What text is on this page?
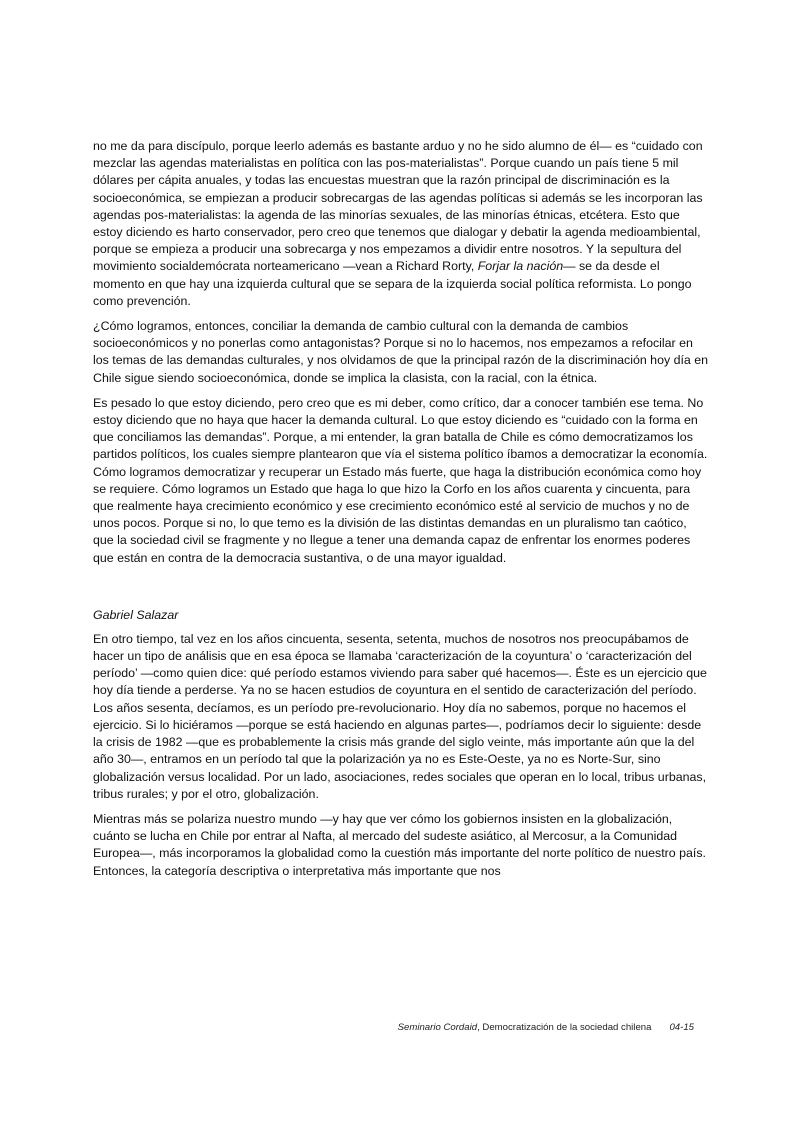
no me da para discípulo, porque leerlo además es bastante arduo y no he sido alumno de él— es “cuidado con mezclar las agendas materialistas en política con las pos-materialistas”. Porque cuando un país tiene 5 mil dólares per cápita anuales, y todas las encuestas muestran que la razón principal de discriminación es la socioeconómica, se empiezan a producir sobrecargas de las agendas políticas si además se les incorporan las agendas pos-materialistas: la agenda de las minorías sexuales, de las minorías étnicas, etcétera. Esto que estoy diciendo es harto conservador, pero creo que tenemos que dialogar y debatir la agenda medioambiental, porque se empieza a producir una sobrecarga y nos empezamos a dividir entre nosotros. Y la sepultura del movimiento socialdemócrata norteamericano —vean a Richard Rorty, Forjar la nación— se da desde el momento en que hay una izquierda cultural que se separa de la izquierda social política reformista. Lo pongo como prevención.

¿Cómo logramos, entonces, conciliar la demanda de cambio cultural con la demanda de cambios socioeconómicos y no ponerlas como antagonistas? Porque si no lo hacemos, nos empezamos a refocilar en los temas de las demandas culturales, y nos olvidamos de que la principal razón de la discriminación hoy día en Chile sigue siendo socioeconómica, donde se implica la clasista, con la racial, con la étnica.

Es pesado lo que estoy diciendo, pero creo que es mi deber, como crítico, dar a conocer también ese tema. No estoy diciendo que no haya que hacer la demanda cultural. Lo que estoy diciendo es “cuidado con la forma en que conciliamos las demandas”. Porque, a mi entender, la gran batalla de Chile es cómo democratizamos los partidos políticos, los cuales siempre plantearon que vía el sistema político íbamos a democratizar la economía. Cómo logramos democratizar y recuperar un Estado más fuerte, que haga la distribución económica como hoy se requiere. Cómo logramos un Estado que haga lo que hizo la Corfo en los años cuarenta y cincuenta, para que realmente haya crecimiento económico y ese crecimiento económico esté al servicio de muchos y no de unos pocos. Porque si no, lo que temo es la división de las distintas demandas en un pluralismo tan caótico, que la sociedad civil se fragmente y no llegue a tener una demanda capaz de enfrentar los enormes poderes que están en contra de la democracia sustantiva, o de una mayor igualdad.

Gabriel Salazar

En otro tiempo, tal vez en los años cincuenta, sesenta, setenta, muchos de nosotros nos preocupábamos de hacer un tipo de análisis que en esa época se llamaba ‘caracterización de la coyuntura’ o ‘caracterización del período’ —como quien dice: qué período estamos viviendo para saber qué hacemos—. Éste es un ejercicio que hoy día tiende a perderse. Ya no se hacen estudios de coyuntura en el sentido de caracterización del período. Los años sesenta, decíamos, es un período pre-revolucionario. Hoy día no sabemos, porque no hacemos el ejercicio. Si lo hiciéramos —porque se está haciendo en algunas partes—, podríamos decir lo siguiente: desde la crisis de 1982 —que es probablemente la crisis más grande del siglo veinte, más importante aún que la del año 30—, entramos en un período tal que la polarización ya no es Este-Oeste, ya no es Norte-Sur, sino globalización versus localidad. Por un lado, asociaciones, redes sociales que operan en lo local, tribus urbanas, tribus rurales; y por el otro, globalización.

Mientras más se polariza nuestro mundo —y hay que ver cómo los gobiernos insisten en la globalización, cuánto se lucha en Chile por entrar al Nafta, al mercado del sudeste asiático, al Mercosur, a la Comunidad Europea—, más incorporamos la globalidad como la cuestión más importante del norte político de nuestro país. Entonces, la categoría descriptiva o interpretativa más importante que nos

Seminario Cordaid, Democratización de la sociedad chilena 04-15
